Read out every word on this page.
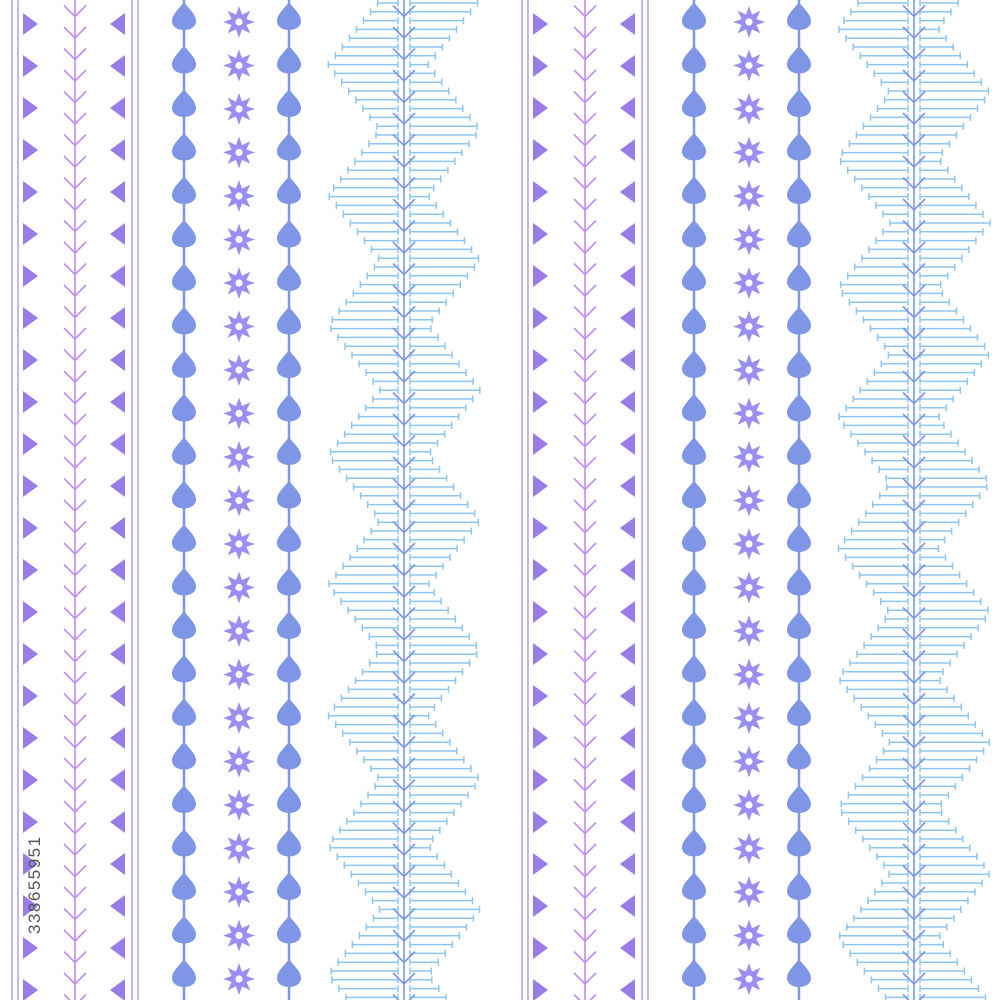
338655951
